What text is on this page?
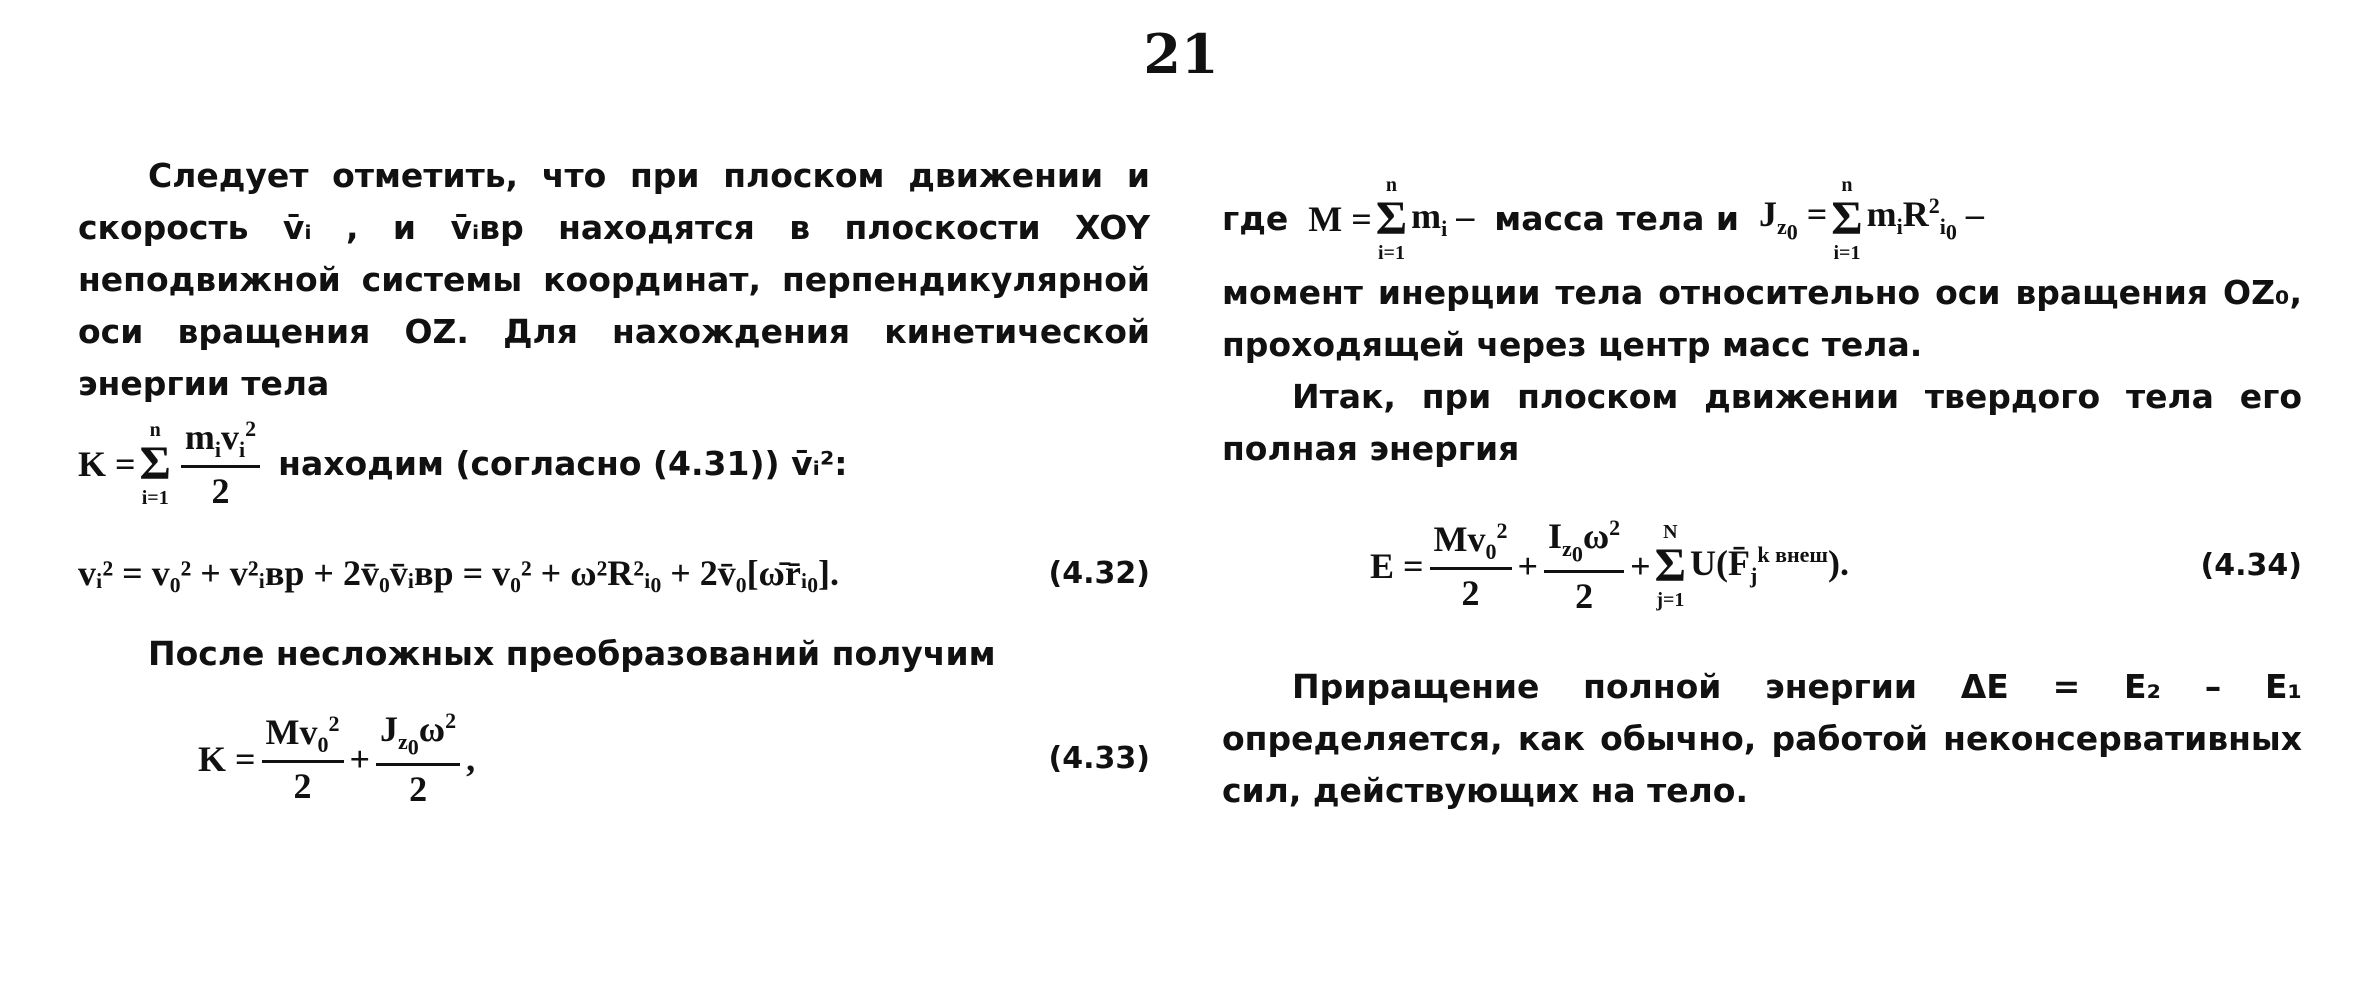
21
Следует отметить, что при плоском движении и скорость v̄ᵢ , и v̄ᵢвр находятся в плоскости XOY неподвижной системы координат, перпендикулярной оси вращения OZ. Для нахождения кинетической энергии тела
K =
n
Σ
$i=1 \frac{m_iv_i^2}{2}$ находим (согласно (4.31)) v̄ᵢ²:
vᵢ² = v₀² + v²ᵢвр + 2v̄₀v̄ᵢвр = v₀² + ω²R²ᵢ₀ + 2v̄₀[ω̄r̄ᵢ₀].	(4.32)
После несложных преобразований получим
$K = \frac{Mv_0^2}{2} + \frac{J_{z_0}\omega^2}{2}$ ,	(4.33)
где M =
n
Σ
i=1
$m_i$ – масса тела и $J_{z_0}$ =
n
Σ
i=1
$m_iR^2_{i_0}$ –
момент инерции тела относительно оси вращения OZ₀, проходящей через центр масс тела.
Итак, при плоском движении твердого тела его полная энергия
$E = \frac{Mv_0^2}{2} + \frac{I_{z_0}\omega^2}{2}$ +
N
Σ
j=1
$U(F̄_j^{k внеш})$.	(4.34)
Приращение полной энергии ΔE = E₂ – E₁ определяется, как обычно, работой неконсервативных сил, действующих на тело.
